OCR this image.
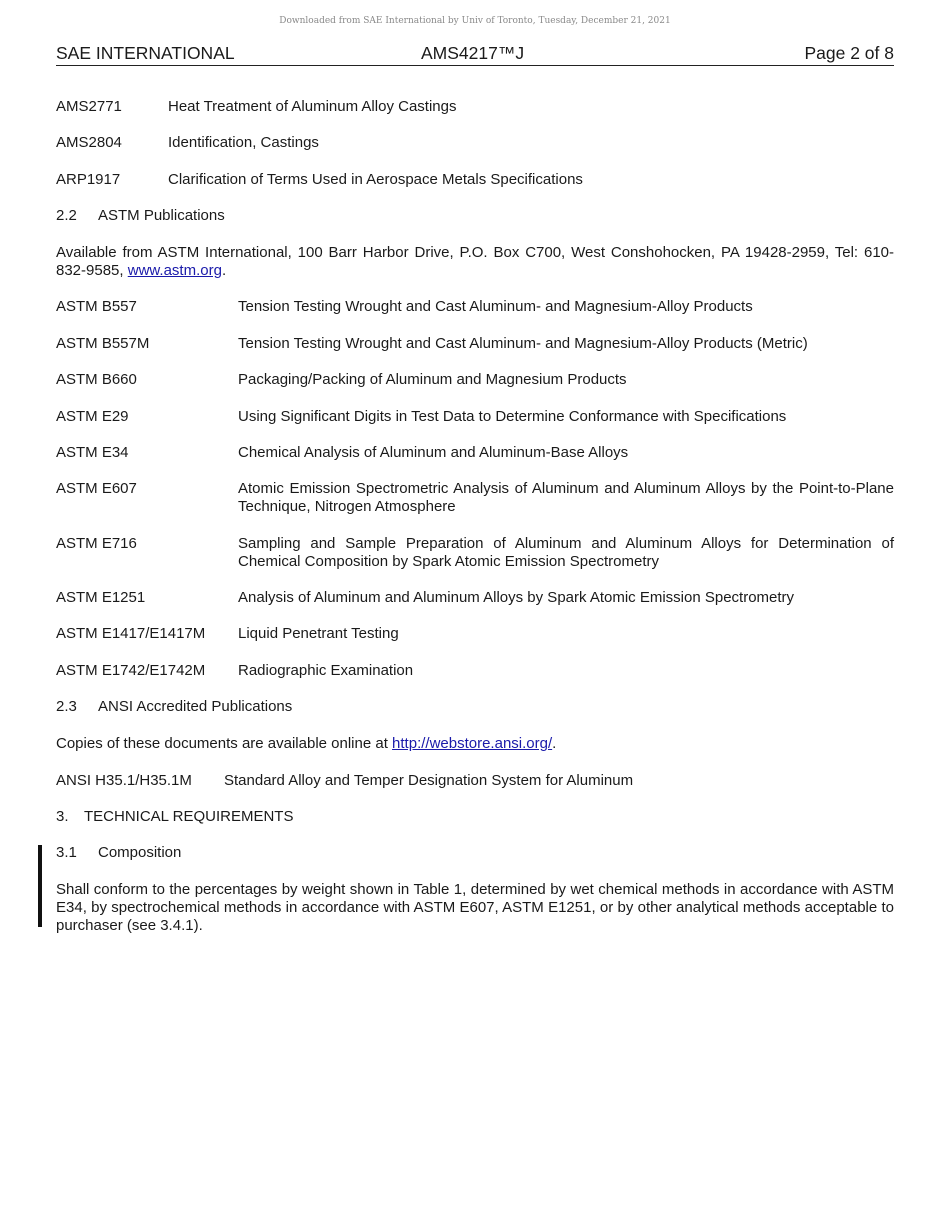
Downloaded from SAE International by Univ of Toronto, Tuesday, December 21, 2021
SAE INTERNATIONAL	AMS4217™J	Page 2 of 8
AMS2771	Heat Treatment of Aluminum Alloy Castings
AMS2804	Identification, Castings
ARP1917	Clarification of Terms Used in Aerospace Metals Specifications
2.2 ASTM Publications
Available from ASTM International, 100 Barr Harbor Drive, P.O. Box C700, West Conshohocken, PA 19428-2959, Tel: 610-832-9585, www.astm.org.
ASTM B557	Tension Testing Wrought and Cast Aluminum- and Magnesium-Alloy Products
ASTM B557M	Tension Testing Wrought and Cast Aluminum- and Magnesium-Alloy Products (Metric)
ASTM B660	Packaging/Packing of Aluminum and Magnesium Products
ASTM E29	Using Significant Digits in Test Data to Determine Conformance with Specifications
ASTM E34	Chemical Analysis of Aluminum and Aluminum-Base Alloys
ASTM E607	Atomic Emission Spectrometric Analysis of Aluminum and Aluminum Alloys by the Point-to-Plane Technique, Nitrogen Atmosphere
ASTM E716	Sampling and Sample Preparation of Aluminum and Aluminum Alloys for Determination of Chemical Composition by Spark Atomic Emission Spectrometry
ASTM E1251	Analysis of Aluminum and Aluminum Alloys by Spark Atomic Emission Spectrometry
ASTM E1417/E1417M Liquid Penetrant Testing
ASTM E1742/E1742M Radiographic Examination
2.3 ANSI Accredited Publications
Copies of these documents are available online at http://webstore.ansi.org/.
ANSI H35.1/H35.1M Standard Alloy and Temper Designation System for Aluminum
3. TECHNICAL REQUIREMENTS
3.1 Composition
Shall conform to the percentages by weight shown in Table 1, determined by wet chemical methods in accordance with ASTM E34, by spectrochemical methods in accordance with ASTM E607, ASTM E1251, or by other analytical methods acceptable to purchaser (see 3.4.1).
